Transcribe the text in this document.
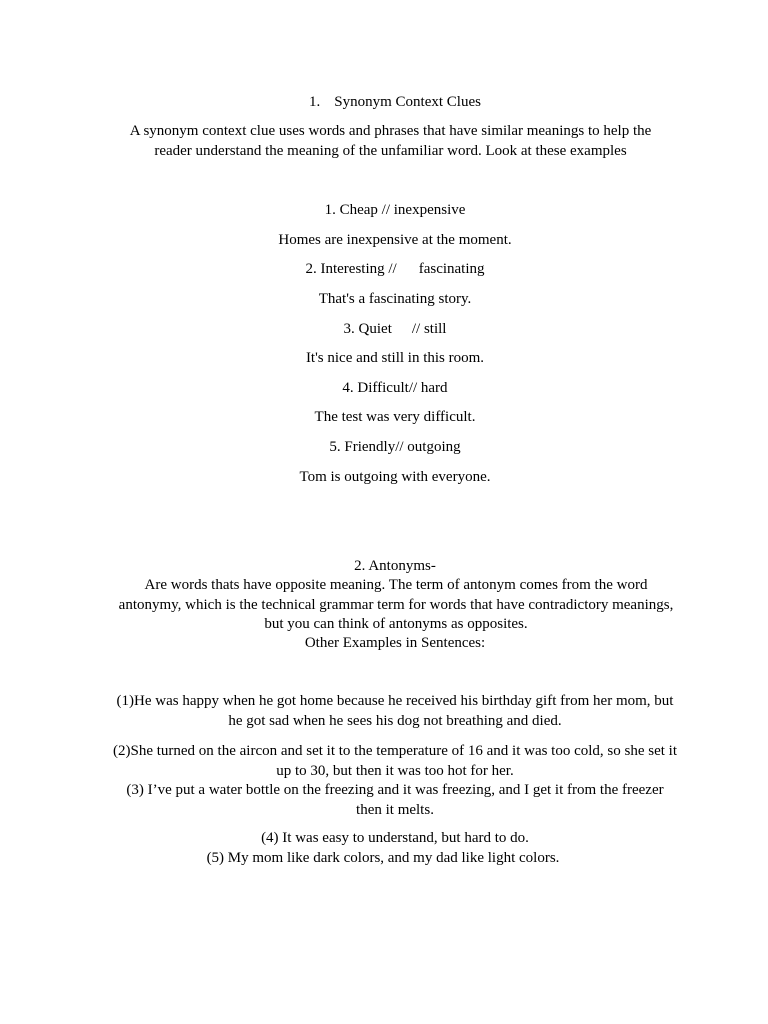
1. Synonym Context Clues
A synonym context clue uses words and phrases that have similar meanings to help the reader understand the meaning of the unfamiliar word. Look at these examples
1. Cheap // inexpensive
Homes are inexpensive at the moment.
2. Interesting // fascinating
That's a fascinating story.
3. Quiet // still
It's nice and still in this room.
4. Difficult// hard
The test was very difficult.
5. Friendly// outgoing
Tom is outgoing with everyone.
2. Antonyms-
Are words thats have opposite meaning. The term of antonym comes from the word antonymy, which is the technical grammar term for words that have contradictory meanings, but you can think of antonyms as opposites.
Other Examples in Sentences:
(1)He was happy when he got home because he received his birthday gift from her mom, but he got sad when he sees his dog not breathing and died.
(2)She turned on the aircon and set it to the temperature of 16 and it was too cold, so she set it up to 30, but then it was too hot for her.
(3) I’ve put a water bottle on the freezing and it was freezing, and I get it from the freezer then it melts.
(4) It was easy to understand, but hard to do.
(5) My mom like dark colors, and my dad like light colors.
